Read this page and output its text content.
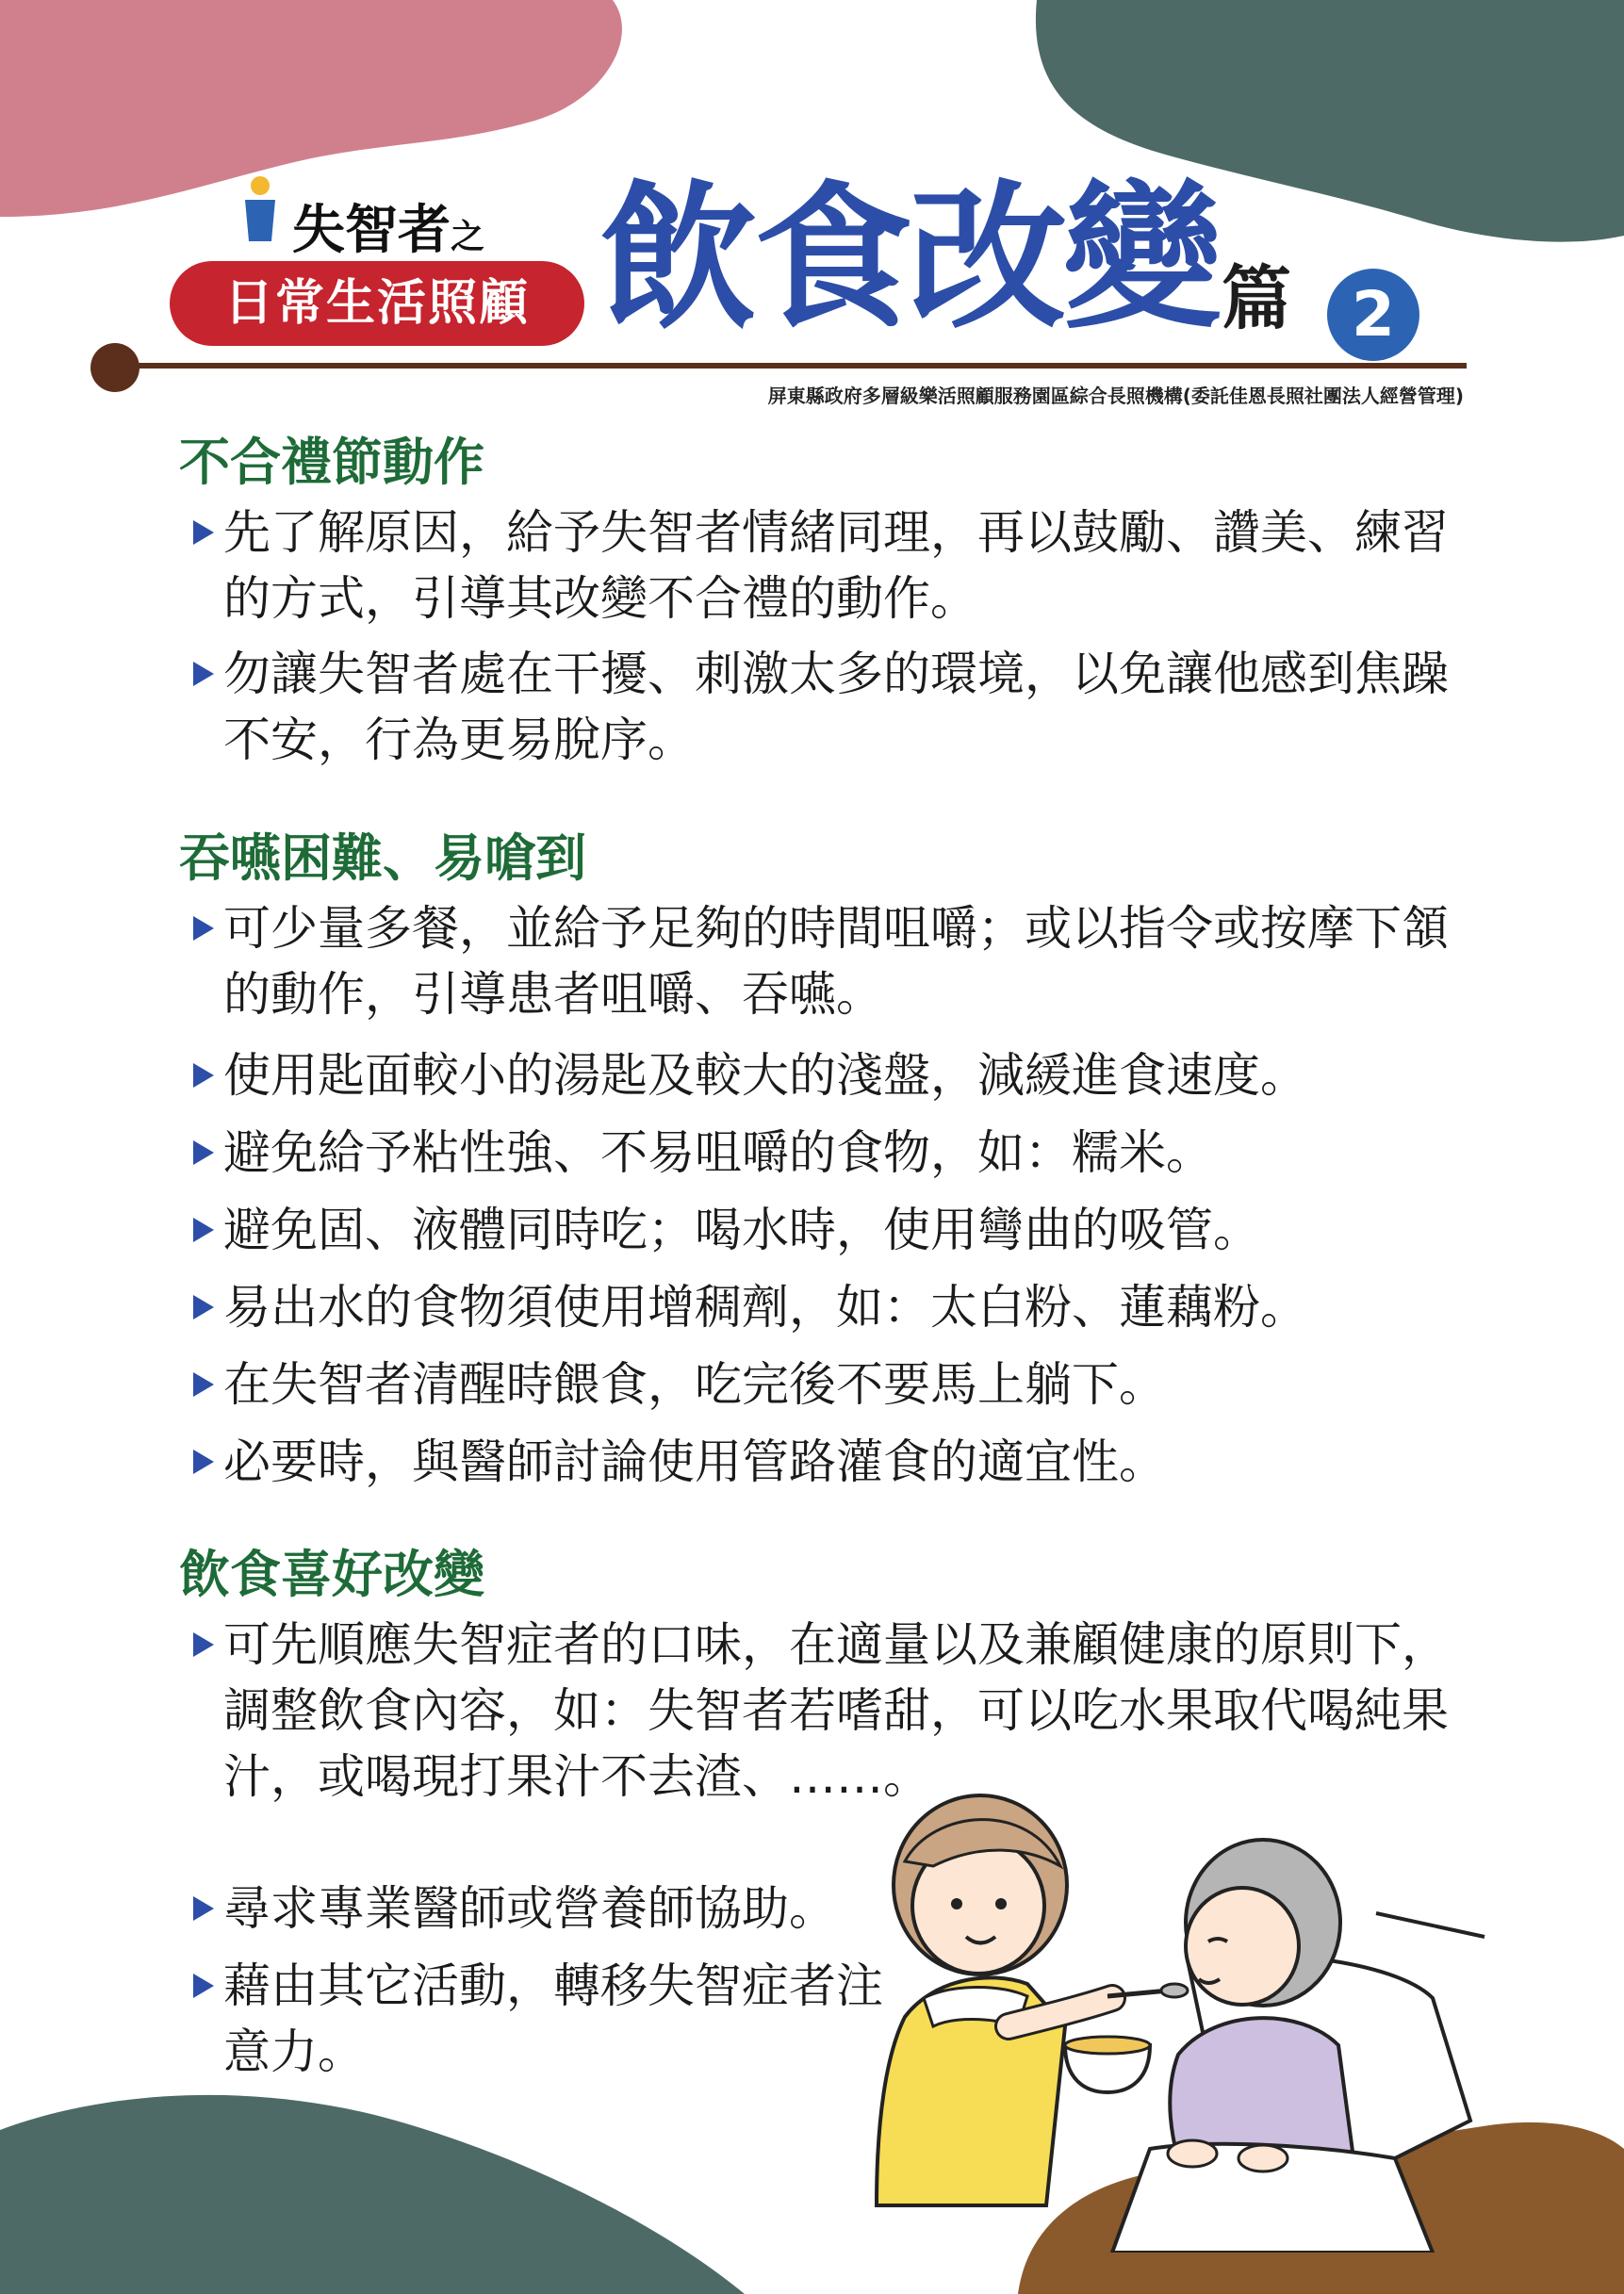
失智者之
日常生活照顧 飲食改變 篇 2
屏東縣政府多層級樂活照顧服務園區綜合長照機構(委託佳恩長照社團法人經營管理)
不合禮節動作
先了解原因，給予失智者情緒同理，再以鼓勵、讚美、練習的方式，引導其改變不合禮的動作。
勿讓失智者處在干擾、刺激太多的環境，以免讓他感到焦躁不安，行為更易脫序。
吞嚥困難、易嗆到
可少量多餐，並給予足夠的時間咀嚼；或以指令或按摩下頷的動作，引導患者咀嚼、吞嚥。
使用匙面較小的湯匙及較大的淺盤，減緩進食速度。
避免給予粘性強、不易咀嚼的食物，如：糯米。
避免固、液體同時吃；喝水時，使用彎曲的吸管。
易出水的食物須使用增稠劑，如：太白粉、蓮藕粉。
在失智者清醒時餵食，吃完後不要馬上躺下。
必要時，與醫師討論使用管路灌食的適宜性。
飲食喜好改變
可先順應失智症者的口味，在適量以及兼顧健康的原則下，調整飲食內容，如：失智者若嗜甜，可以吃水果取代喝純果汁，或喝現打果汁不去渣、……。
尋求專業醫師或營養師協助。
藉由其它活動，轉移失智症者注意力。
